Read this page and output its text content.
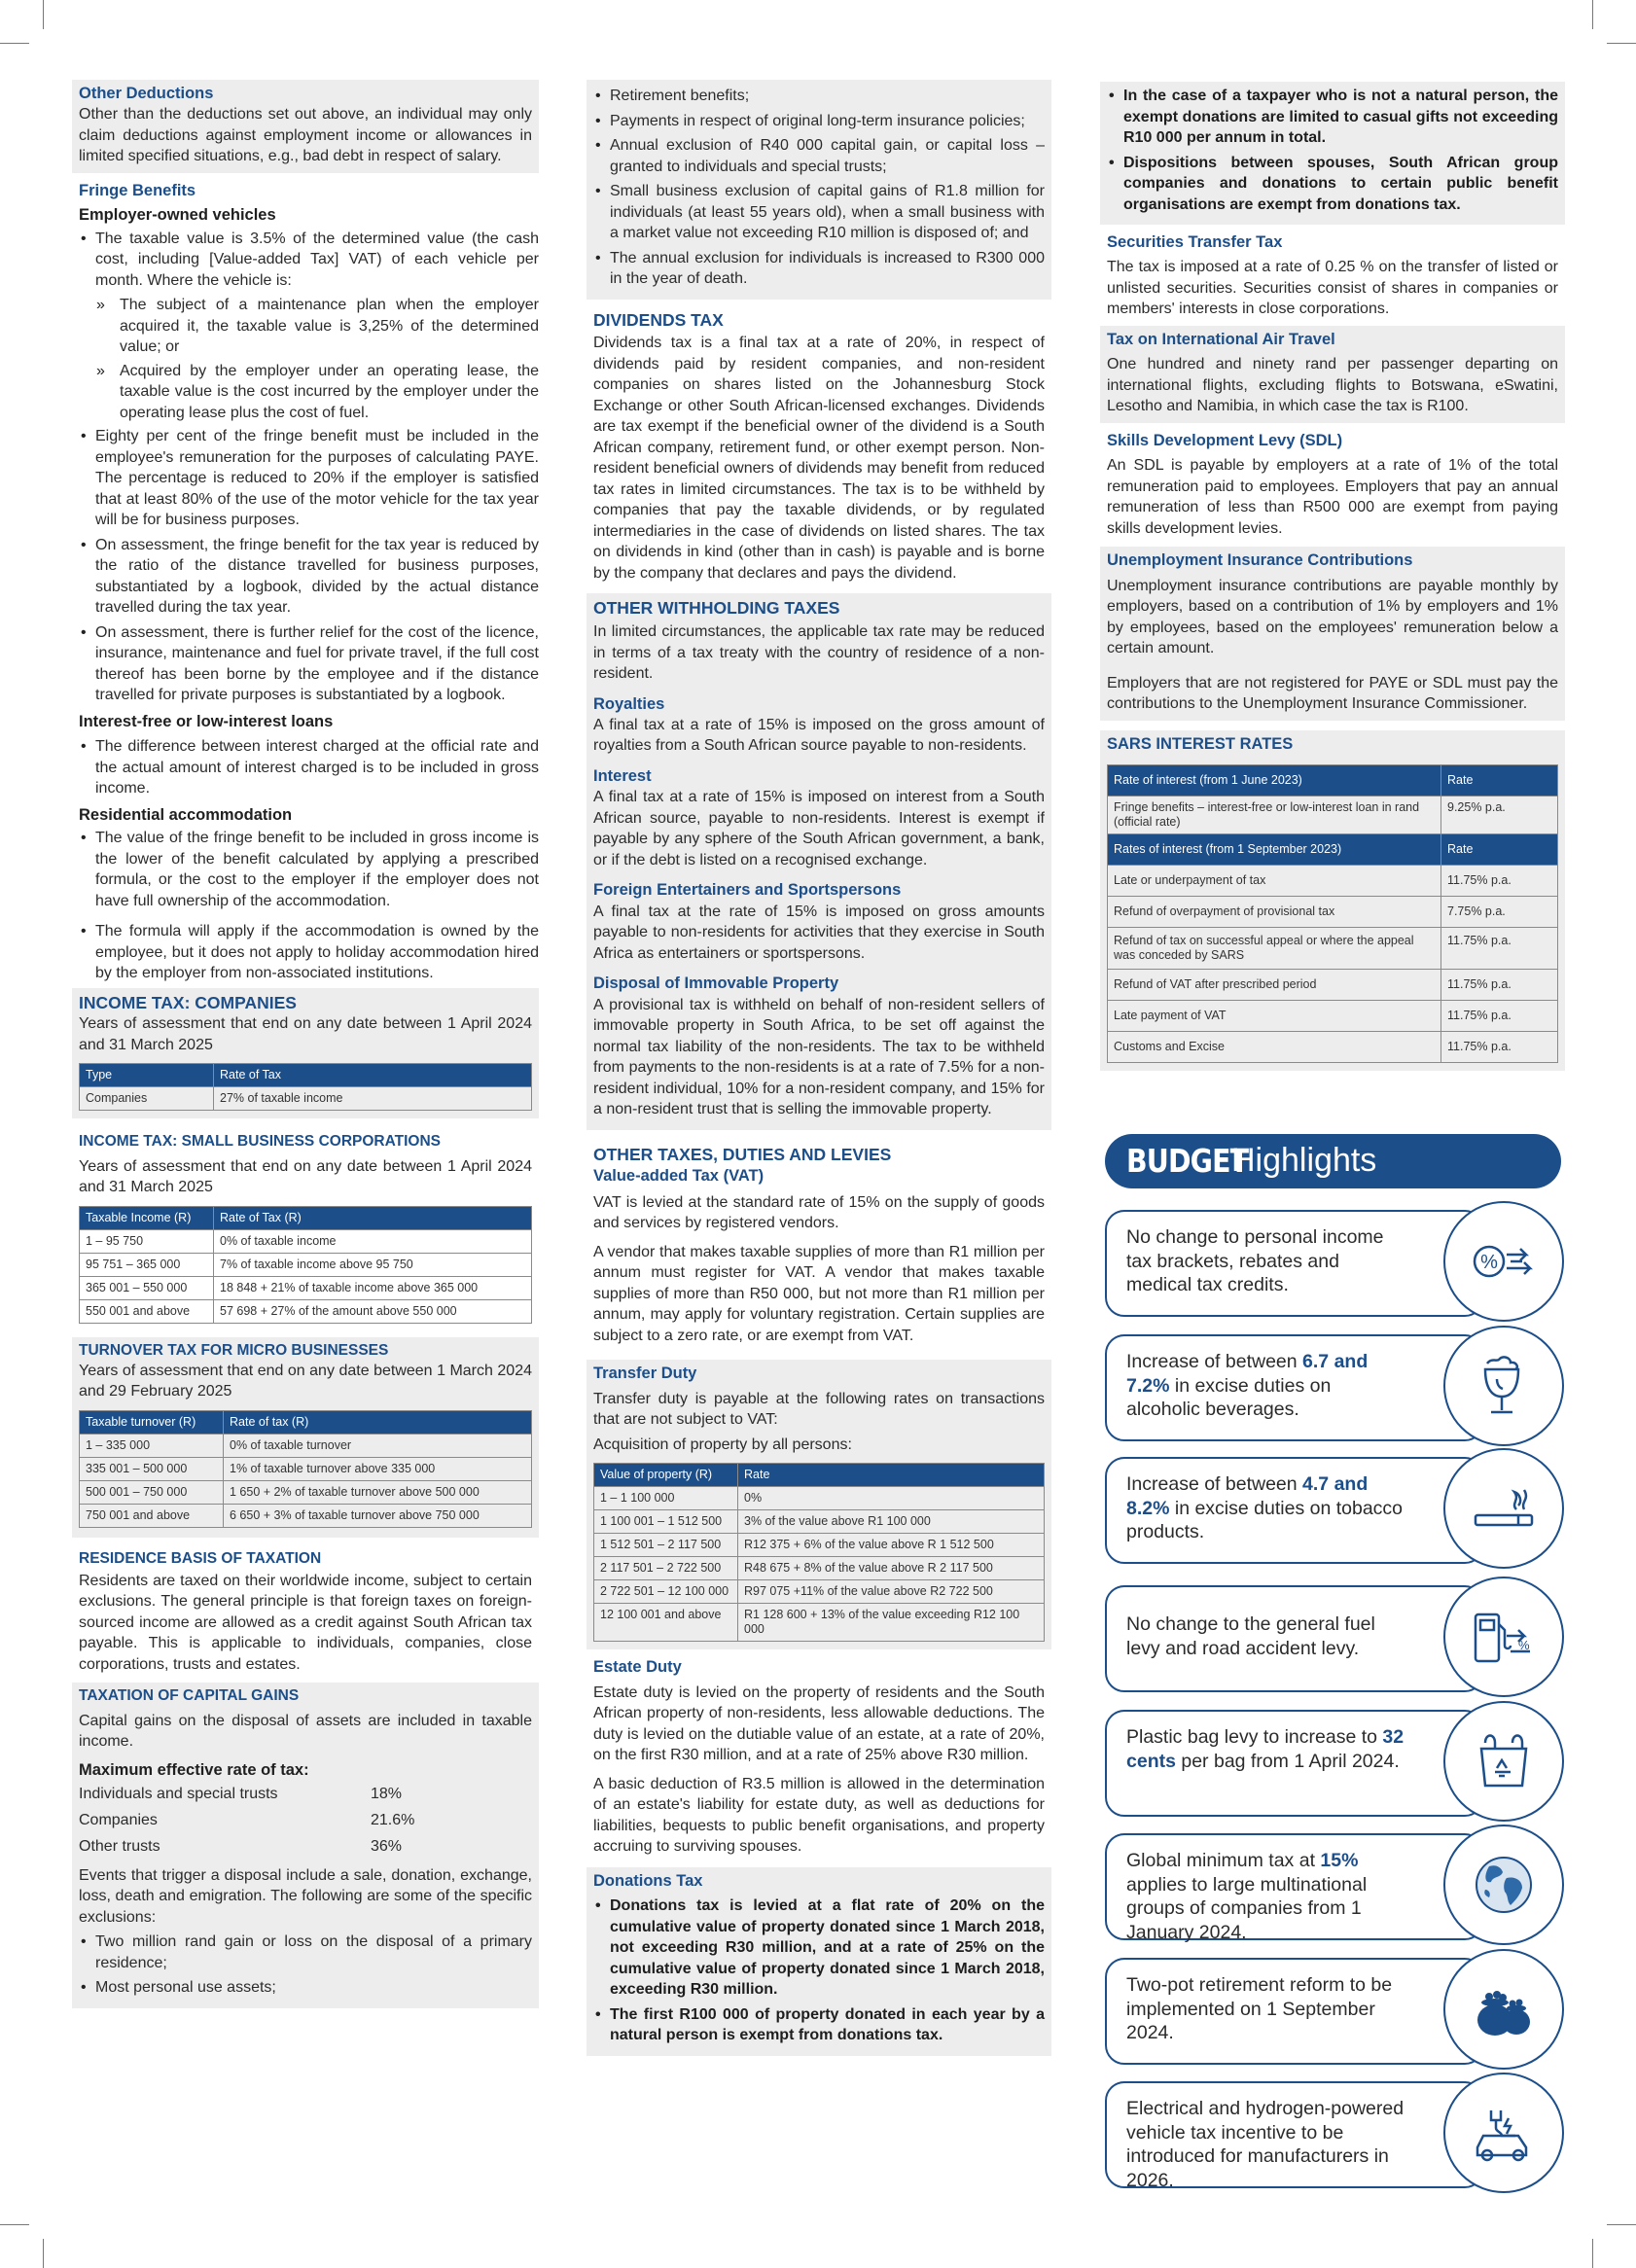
Other Deductions

Other than the deductions set out above, an individual may only claim deductions against employment income or allowances in limited specified situations, e.g., bad debt in respect of salary.

Fringe Benefits
Employer-owned vehicles
• The taxable value is 3.5% of the determined value (the cash cost, including [Value-added Tax] VAT) of each vehicle per month. Where the vehicle is:
» The subject of a maintenance plan when the employer acquired it, the taxable value is 3,25% of the determined value; or
» Acquired by the employer under an operating lease, the taxable value is the cost incurred by the employer under the operating lease plus the cost of fuel.
• Eighty per cent of the fringe benefit must be included in the employee's remuneration for the purposes of calculating PAYE. The percentage is reduced to 20% if the employer is satisfied that at least 80% of the use of the motor vehicle for the tax year will be for business purposes.
• On assessment, the fringe benefit for the tax year is reduced by the ratio of the distance travelled for business purposes, substantiated by a logbook, divided by the actual distance travelled during the tax year.
• On assessment, there is further relief for the cost of the licence, insurance, maintenance and fuel for private travel, if the full cost thereof has been borne by the employee and if the distance travelled for private purposes is substantiated by a logbook.
Interest-free or low-interest loans
• The difference between interest charged at the official rate and the actual amount of interest charged is to be included in gross income.
Residential accommodation
• The value of the fringe benefit to be included in gross income is the lower of the benefit calculated by applying a prescribed formula, or the cost to the employer if the employer does not have full ownership of the accommodation.
• The formula will apply if the accommodation is owned by the employee, but it does not apply to holiday accommodation hired by the employer from non-associated institutions.
INCOME TAX: COMPANIES

Years of assessment that end on any date between 1 April 2024 and 31 March 2025

Type	Rate of Tax
Companies	27% of taxable income
INCOME TAX: SMALL BUSINESS CORPORATIONS

Years of assessment that end on any date between 1 April 2024 and 31 March 2025

Taxable Income (R)	Rate of Tax (R)
1 – 95 750	0% of taxable income
95 751 – 365 000	7% of taxable income above 95 750
365 001 – 550 000	18 848 + 21% of taxable income above 365 000
550 001 and above	57 698 + 27% of the amount above 550 000
TURNOVER TAX FOR MICRO BUSINESSES

Years of assessment that end on any date between 1 March 2024 and 29 February 2025

Taxable turnover (R)	Rate of tax (R)
1 – 335 000	0% of taxable turnover
335 001 – 500 000	1% of taxable turnover above 335 000
500 001 – 750 000	1 650 + 2% of taxable turnover above 500 000
750 001 and above	6 650 + 3% of taxable turnover above 750 000
RESIDENCE BASIS OF TAXATION

Residents are taxed on their worldwide income, subject to certain exclusions. The general principle is that foreign taxes on foreign-sourced income are allowed as a credit against South African tax payable. This is applicable to individuals, companies, close corporations, trusts and estates.

TAXATION OF CAPITAL GAINS

Capital gains on the disposal of assets are included in taxable income.

Maximum effective rate of tax:
Individuals and special trusts	18%
Companies	21.6%
Other trusts	36%

Events that trigger a disposal include a sale, donation, exchange, loss, death and emigration. The following are some of the specific exclusions:

• Two million rand gain or loss on the disposal of a primary residence;
• Most personal use assets;
• Retirement benefits;
• Payments in respect of original long-term insurance policies;
• Annual exclusion of R40 000 capital gain, or capital loss – granted to individuals and special trusts;
• Small business exclusion of capital gains of R1.8 million for individuals (at least 55 years old), when a small business with a market value not exceeding R10 million is disposed of; and
• The annual exclusion for individuals is increased to R300 000 in the year of death.
DIVIDENDS TAX

Dividends tax is a final tax at a rate of 20%, in respect of dividends paid by resident companies, and non-resident companies on shares listed on the Johannesburg Stock Exchange or other South African-licensed exchanges. Dividends are tax exempt if the beneficial owner of the dividend is a South African company, retirement fund, or other exempt person. Non-resident beneficial owners of dividends may benefit from reduced tax rates in limited circumstances. The tax is to be withheld by companies that pay the taxable dividends, or by regulated intermediaries in the case of dividends on listed shares. The tax on dividends in kind (other than in cash) is payable and is borne by the company that declares and pays the dividend.

OTHER WITHHOLDING TAXES

In limited circumstances, the applicable tax rate may be reduced in terms of a tax treaty with the country of residence of a non-resident.

Royalties

A final tax at a rate of 15% is imposed on the gross amount of royalties from a South African source payable to non-residents.

Interest

A final tax at a rate of 15% is imposed on interest from a South African source, payable to non-residents. Interest is exempt if payable by any sphere of the South African government, a bank, or if the debt is listed on a recognised exchange.

Foreign Entertainers and Sportspersons

A final tax at the rate of 15% is imposed on gross amounts payable to non-residents for activities that they exercise in South Africa as entertainers or sportspersons.

Disposal of Immovable Property

A provisional tax is withheld on behalf of non-resident sellers of immovable property in South Africa, to be set off against the normal tax liability of the non-residents. The tax to be withheld from payments to the non-residents is at a rate of 7.5% for a non-resident individual, 10% for a non-resident company, and 15% for a non-resident trust that is selling the immovable property.

OTHER TAXES, DUTIES AND LEVIES
Value-added Tax (VAT)

VAT is levied at the standard rate of 15% on the supply of goods and services by registered vendors.

A vendor that makes taxable supplies of more than R1 million per annum must register for VAT. A vendor that makes taxable supplies of more than R50 000, but not more than R1 million per annum, may apply for voluntary registration. Certain supplies are subject to a zero rate, or are exempt from VAT.

Transfer Duty

Transfer duty is payable at the following rates on transactions that are not subject to VAT:

Acquisition of property by all persons:

Value of property (R)	Rate
1 – 1 100 000	0%
1 100 001 – 1 512 500	3% of the value above R1 100 000
1 512 501 – 2 117 500	R12 375 + 6% of the value above R 1 512 500
2 117 501 – 2 722 500	R48 675 + 8% of the value above R 2 117 500
2 722 501 – 12 100 000	R97 075 +11% of the value above R2 722 500
12 100 001 and above	R1 128 600 + 13% of the value exceeding R12 100 000
Estate Duty

Estate duty is levied on the property of residents and the South African property of non-residents, less allowable deductions. The duty is levied on the dutiable value of an estate, at a rate of 20%, on the first R30 million, and at a rate of 25% above R30 million.

A basic deduction of R3.5 million is allowed in the determination of an estate's liability for estate duty, as well as deductions for liabilities, bequests to public benefit organisations, and property accruing to surviving spouses.

Donations Tax
• Donations tax is levied at a flat rate of 20% on the cumulative value of property donated since 1 March 2018, not exceeding R30 million, and at a rate of 25% on the cumulative value of property donated since 1 March 2018, exceeding R30 million.
• The first R100 000 of property donated in each year by a natural person is exempt from donations tax.
• In the case of a taxpayer who is not a natural person, the exempt donations are limited to casual gifts not exceeding R10 000 per annum in total.
• Dispositions between spouses, South African group companies and donations to certain public benefit organisations are exempt from donations tax.
Securities Transfer Tax

The tax is imposed at a rate of 0.25 % on the transfer of listed or unlisted securities. Securities consist of shares in companies or members' interests in close corporations.

Tax on International Air Travel

One hundred and ninety rand per passenger departing on international flights, excluding flights to Botswana, eSwatini, Lesotho and Namibia, in which case the tax is R100.

Skills Development Levy (SDL)

An SDL is payable by employers at a rate of 1% of the total remuneration paid to employees. Employers that pay an annual remuneration of less than R500 000 are exempt from paying skills development levies.

Unemployment Insurance Contributions

Unemployment insurance contributions are payable monthly by employers, based on a contribution of 1% by employers and 1% by employees, based on the employees' remuneration below a certain amount.

Employers that are not registered for PAYE or SDL must pay the contributions to the Unemployment Insurance Commissioner.

SARS INTEREST RATES
Rate of interest (from 1 June 2023)	Rate
Fringe benefits – interest-free or low-interest loan in rand (official rate)	9.25% p.a.
Rates of interest (from 1 September 2023)	Rate
Late or underpayment of tax	11.75% p.a.
Refund of overpayment of provisional tax	7.75% p.a.
Refund of tax on successful appeal or where the appeal was conceded by SARS	11.75% p.a.
Refund of VAT after prescribed period	11.75% p.a.
Late payment of VAT	11.75% p.a.
Customs and Excise	11.75% p.a.
BUDGET
Highlights
No change to personal income tax brackets, rebates and medical tax credits.
%
Increase of between 6.7 and 7.2% in excise duties on alcoholic beverages.
Increase of between 4.7 and 8.2% in excise duties on tobacco products.
No change to the general fuel levy and road accident levy.	%
Plastic bag levy to increase to 32 cents per bag from 1 April 2024.
Global minimum tax at 15% applies to large multinational groups of companies from 1 January 2024.
Two-pot retirement reform to be implemented on 1 September 2024.
Electrical and hydrogen-powered vehicle tax incentive to be introduced for manufacturers in 2026.
